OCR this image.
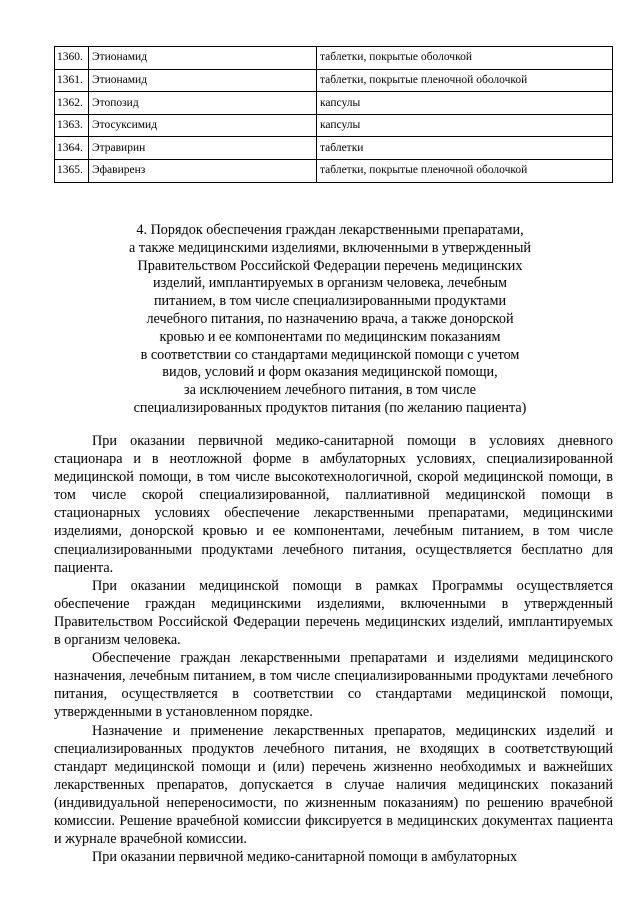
1360.	Этионамид	таблетки, покрытые оболочкой
1361.	Этионамид	таблетки, покрытые пленочной оболочкой
1362.	Этопозид	капсулы
1363.	Этосуксимид	капсулы
1364.	Этравирин	таблетки
1365.	Эфавиренз	таблетки, покрытые пленочной оболочкой
4. Порядок обеспечения граждан лекарственными препаратами,
а также медицинскими изделиями, включенными в утвержденный
Правительством Российской Федерации перечень медицинских
изделий, имплантируемых в организм человека, лечебным
питанием, в том числе специализированными продуктами
лечебного питания, по назначению врача, а также донорской
кровью и ее компонентами по медицинским показаниям
в соответствии со стандартами медицинской помощи с учетом
видов, условий и форм оказания медицинской помощи,
за исключением лечебного питания, в том числе
специализированных продуктов питания (по желанию пациента)

При оказании первичной медико-санитарной помощи в условиях дневного стационара и в неотложной форме в амбулаторных условиях, специализированной медицинской помощи, в том числе высокотехнологичной, скорой медицинской помощи, в том числе скорой специализированной, паллиативной медицинской помощи в стационарных условиях обеспечение лекарственными препаратами, медицинскими изделиями, донорской кровью и ее компонентами, лечебным питанием, в том числе специализированными продуктами лечебного питания, осуществляется бесплатно для пациента.

При оказании медицинской помощи в рамках Программы осуществляется обеспечение граждан медицинскими изделиями, включенными в утвержденный Правительством Российской Федерации перечень медицинских изделий, имплантируемых в организм человека.

Обеспечение граждан лекарственными препаратами и изделиями медицинского назначения, лечебным питанием, в том числе специализированными продуктами лечебного питания, осуществляется в соответствии со стандартами медицинской помощи, утвержденными в установленном порядке.

Назначение и применение лекарственных препаратов, медицинских изделий и специализированных продуктов лечебного питания, не входящих в соответствующий стандарт медицинской помощи и (или) перечень жизненно необходимых и важнейших лекарственных препаратов, допускается в случае наличия медицинских показаний (индивидуальной непереносимости, по жизненным показаниям) по решению врачебной комиссии. Решение врачебной комиссии фиксируется в медицинских документах пациента и журнале врачебной комиссии.

При оказании первичной медико-санитарной помощи в амбулаторных
